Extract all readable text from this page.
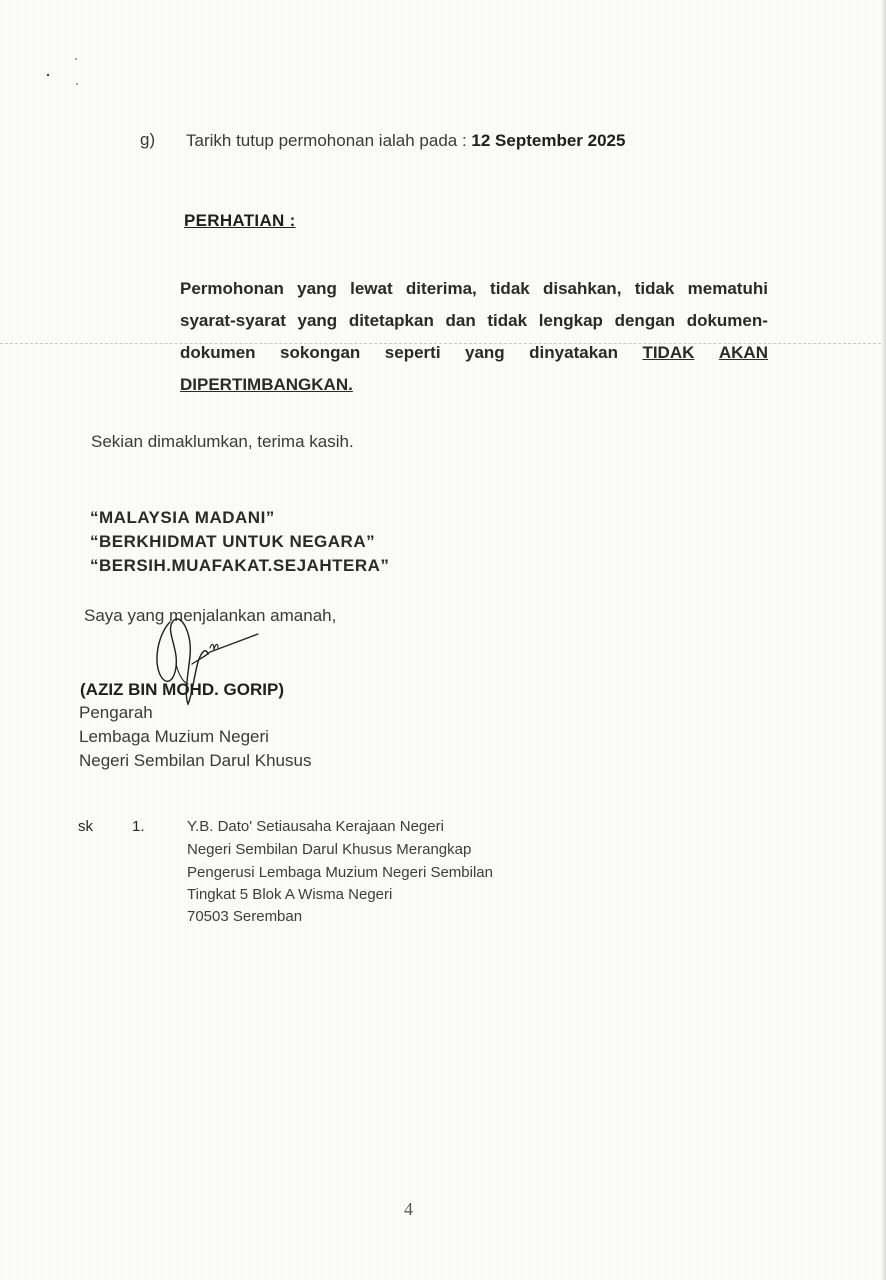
g) Tarikh tutup permohonan ialah pada : 12 September 2025
PERHATIAN :
Permohonan yang lewat diterima, tidak disahkan, tidak mematuhi
syarat-syarat yang ditetapkan dan tidak lengkap dengan dokumen-
dokumen sokongan seperti yang dinyatakan TIDAK AKAN
DIPERTIMBANGKAN.
Sekian dimaklumkan, terima kasih.
“MALAYSIA MADANI”
“BERKHIDMAT UNTUK NEGARA”
“BERSIH.MUAFAKAT.SEJAHTERA”
Saya yang menjalankan amanah,
(AZIZ BIN MOHD. GORIP)
Pengarah
Lembaga Muzium Negeri
Negeri Sembilan Darul Khusus
sk	1.	Y.B. Dato' Setiausaha Kerajaan Negeri
Negeri Sembilan Darul Khusus Merangkap
Pengerusi Lembaga Muzium Negeri Sembilan
Tingkat 5 Blok A Wisma Negeri
70503 Seremban
4
